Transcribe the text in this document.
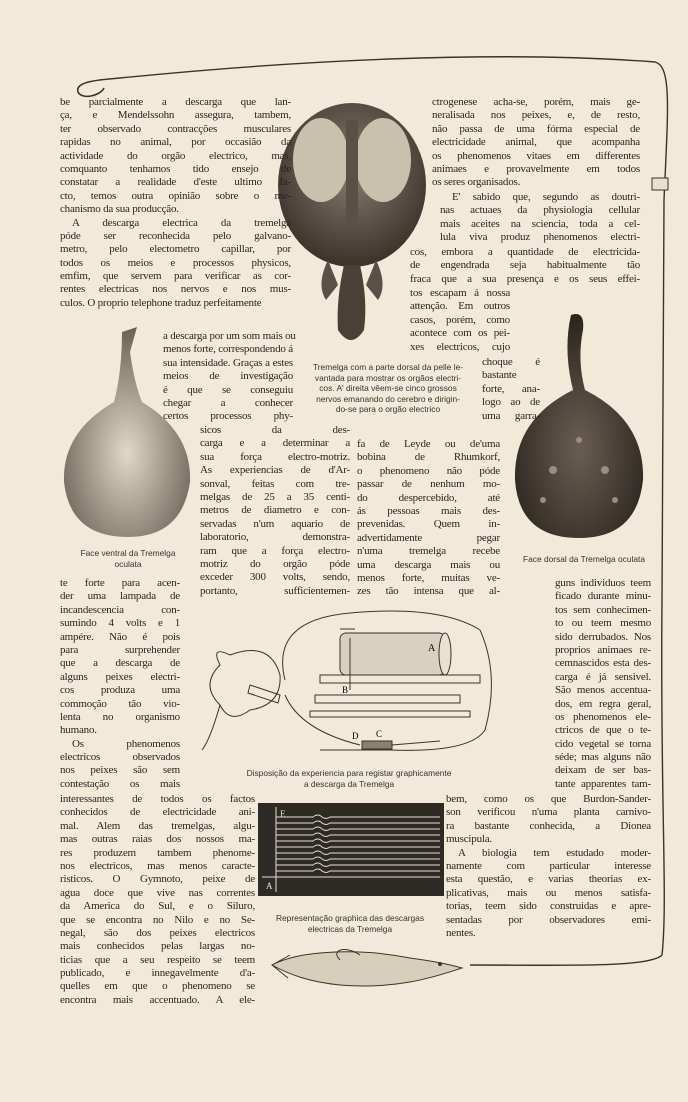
A
B
C
D
E
A
be parcialmente a descarga que lan-
ça, e Mendelssohn assegura, tambem,
ter observado contracções musculares
rapidas no animal, por occasião da
actividade do orgão electrico, mas,
comquanto tenhamos tido ensejo de
constatar a realidade d'este ultimo fa-
cto, temos outra opinião sobre o me-
chanismo da sua producção.
A descarga electrica da tremelga
póde ser reconhecida pelo galvano-
metro, pelo electometro capillar, por
todos os meios e processos physicos,
emfim, que servem para verificar as cor-
rentes electricas nos nervos e nos mus-
culos. O proprio telephone traduz perfeitamente
a descarga por um som mais ou
menos forte, correspondendo á
sua intensidade. Graças a estes
meios de investigação
é que se conseguiu
chegar a conhecer
certos processos phy-
sicos da des-
carga e a determinar a
sua força electro-motriz.
As experiencias de d'Ar-
sonval, feitas com tre-
melgas de 25 a 35 centi-
metros de diametro e con-
servadas n'um aquario de
laboratorio, demonstra-
ram que a força electro-
motriz do orgão póde
exceder 300 volts, sendo,
portanto, sufficientemen-
fa de Leyde ou de'uma
bobina de Rhumkorf,
o phenomeno não póde
passar de nenhum mo-
do despercebido, até
ás pessoas mais des-
prevenidas. Quem in-
advertidamente pegar
n'uma tremelga recebe
uma descarga mais ou
menos forte, muitas ve-
zes tão intensa que al-
ctrogenese acha-se, porém, mais ge-
neralisada nos peixes, e, de resto,
não passa de uma fórma especial de
electricidade animal, que acompanha
os phenomenos vitaes em differentes
animaes e provavelmente em todos
os seres organisados.
E' sabido que, segundo as doutri-
nas actuaes da physiologia cellular
mais aceites na sciencia, toda a cel-
lula viva produz phenomenos electri-
cos, embora a quantidade de electricida-
de engendrada seja habitualmente tão
fraca que a sua presença e os seus effei-
tos escapam á nossa
attenção. Em outros
casos, porém, como
acontece com os pei-
xes electricos, cujo
choque é
bastante
forte, ana-
logo ao de
uma garra-
te forte para acen-
der uma lampada de
incandescencia con-
sumindo 4 volts e 1
ampére. Não é pois
para surprehender
que a descarga de
alguns peixes electri-
cos produza uma
commoção tão vio-
lenta no organismo
humano.
Os phenomenos
electricos observados
nos peixes são sem
contestação os mais
interessantes de todos os factos
conhecidos de electricidade ani-
mal. Alem das tremelgas, algu-
mas outras raias dos nossos ma-
res produzem tambem phenome-
nos electricos, mas menos caracte-
risticos. O Gymnoto, peixe de
agua doce que vive nas correntes
da America do Sul, e o Siluro,
que se encontra no Nilo e no Se-
negal, são dos peixes electricos
mais conhecidos pelas largas no-
ticias que a seu respeito se teem
publicado, e innegavelmente d'a-
quelles em que o phenomeno se
encontra mais accentuado. A ele-
guns individuos teem
ficado durante minu-
tos sem conhecimen-
to ou teem mesmo
sido derrubados. Nos
proprios animaes re-
cemnascidos esta des-
carga é já sensivel.
São menos accentua-
dos, em regra geral,
os phenomenos ele-
ctricos de que o te-
cido vegetal se torna
séde; mas alguns não
deixam de ser bas-
tante apparentes tam-
bem, como os que Burdon-Sander-
son verificou n'uma planta carnivo-
ra bastante conhecida, a Dionea
muscipula.
A biologia tem estudado moder-
namente com particular interesse
esta questão, e varias theorias ex-
plicativas, mais ou menos satisfa-
torias, teem sido construidas e apre-
sentadas por observadores emi-
nentes.
Tremelga com a parte dorsal da pelle le-
vantada para mostrar os orgãos electri-
cos. A' direita vêem-se cinco grossos
nervos emanando do cerebro e dirigin-
do-se para o orgão electrico
Face ventral da Tremelga
oculata	Face dorsal da Tremelga oculata
Disposição da experiencia para registar graphicamente
a descarga da Tremelga
Representação graphica das descargas
electricas da Tremelga
